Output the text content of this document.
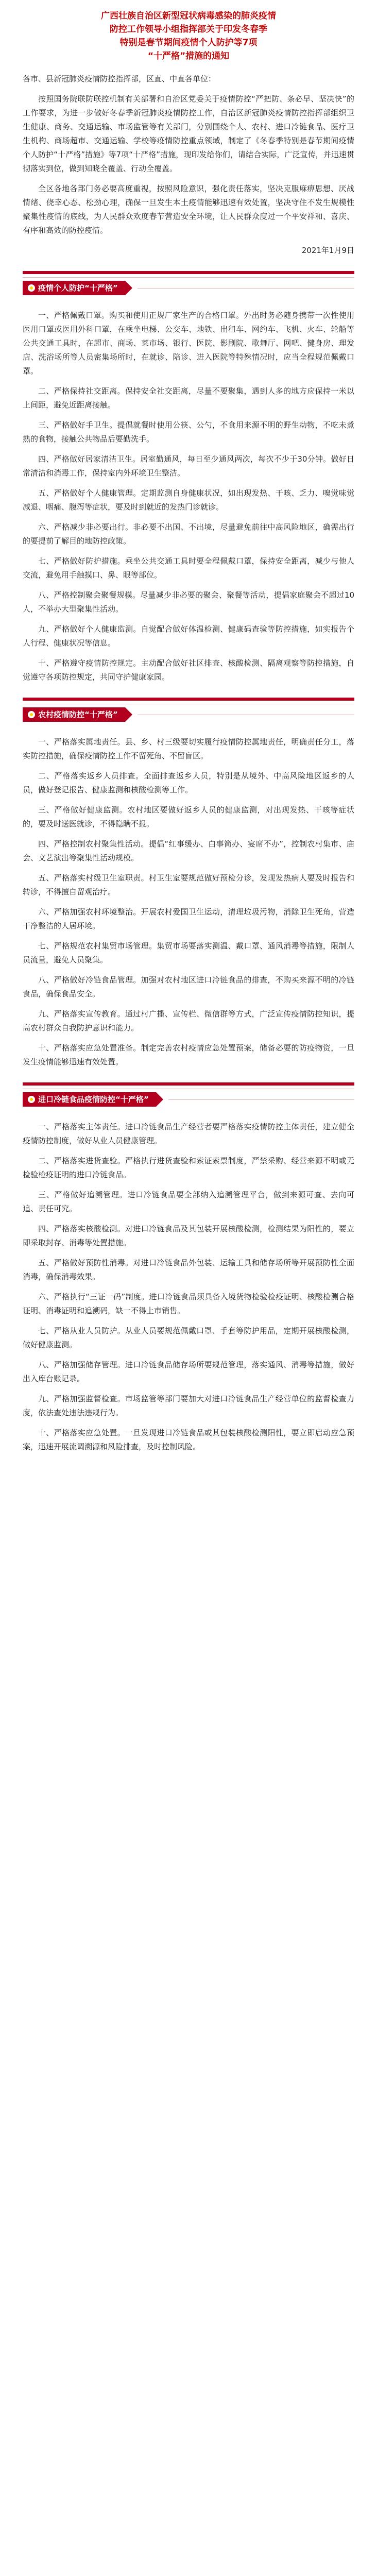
广西壮族自治区新型冠状病毒感染的肺炎疫情
防控工作领导小组指挥部关于印发冬春季
特别是春节期间疫情个人防护等7项
“十严格”措施的通知

各市、县新冠肺炎疫情防控指挥部，区直、中直各单位：

按照国务院联防联控机制有关部署和自治区党委关于疫情防控“严把防、条必早、坚决快”的工作要求，为进一步做好冬春季新冠肺炎疫情防控工作，自治区新冠肺炎疫情防控指挥部组织卫生健康、商务、交通运输、市场监管等有关部门，分别围绕个人、农村、进口冷链食品、医疗卫生机构、商场超市、交通运输、学校等疫情防控重点领域，制定了《冬春季特别是春节期间疫情个人防护“十严格”措施》等7项“十严格”措施，现印发给你们，请结合实际，广泛宣传，并迅速贯彻落实到位，做到知晓全覆盖、行动全覆盖。

全区各地各部门务必要高度重视，按照风险意识，强化责任落实，坚决克服麻痹思想、厌战情绪、侥幸心态、松劲心理，确保一旦发生本土疫情能够迅速有效处置，坚决守住不发生规模性聚集性疫情的底线，为人民群众欢度春节营造安全环境，让人民群众度过一个平安祥和、喜庆、有序和高效的防控疫情。

2021年1月9日

疫情个人防护“十严格”

一、严格佩戴口罩。购买和使用正规厂家生产的合格口罩。外出时务必随身携带一次性使用医用口罩或医用外科口罩，在乘坐电梯、公交车、地铁、出租车、网约车、飞机、火车、轮船等公共交通工具时，在超市、商场、菜市场、银行、医院、影剧院、歌舞厅、网吧、健身房、理发店、洗浴场所等人员密集场所时，在就诊、陪诊、进入医院等特殊情况时，应当全程规范佩戴口罩。

二、严格保持社交距离。保持安全社交距离，尽量不要聚集，遇到人多的地方应保持一米以上间距，避免近距离接触。

三、严格做好手卫生。提倡就餐时使用公筷、公勺，不食用来源不明的野生动物，不吃未煮熟的食物，接触公共物品后要勤洗手。

四、严格做好居家清洁卫生。居室勤通风，每日至少通风两次，每次不少于30分钟。做好日常清洁和消毒工作，保持室内外环境卫生整洁。

五、严格做好个人健康管理。定期监测自身健康状况，如出现发热、干咳、乏力、嗅觉味觉减退、咽痛、腹泻等症状，要及时到就近的发热门诊就诊。

六、严格减少非必要出行。非必要不出国、不出境，尽量避免前往中高风险地区，确需出行的要提前了解目的地防控政策。

七、严格做好防护措施。乘坐公共交通工具时要全程佩戴口罩，保持安全距离，减少与他人交流，避免用手触摸口、鼻、眼等部位。

八、严格控制聚会聚餐规模。尽量减少非必要的聚会、聚餐等活动，提倡家庭聚会不超过10人，不举办大型聚集性活动。

九、严格做好个人健康监测。自觉配合做好体温检测、健康码查验等防控措施，如实报告个人行程、健康状况等信息。

十、严格遵守疫情防控规定。主动配合做好社区排查、核酸检测、隔离观察等防控措施，自觉遵守各项防控规定，共同守护健康家园。

农村疫情防控“十严格”

一、严格落实属地责任。县、乡、村三级要切实履行疫情防控属地责任，明确责任分工，落实防控措施，确保疫情防控工作不留死角、不留盲区。

二、严格落实返乡人员排查。全面排查返乡人员，特别是从境外、中高风险地区返乡的人员，做好登记报告、健康监测和核酸检测等工作。

三、严格做好健康监测。农村地区要做好返乡人员的健康监测，对出现发热、干咳等症状的，要及时送医就诊，不得隐瞒不报。

四、严格控制农村聚集性活动。提倡“红事缓办、白事简办、宴席不办”，控制农村集市、庙会、文艺演出等聚集性活动规模。

五、严格落实村级卫生室职责。村卫生室要规范做好预检分诊，发现发热病人要及时报告和转诊，不得擅自留观治疗。

六、严格加强农村环境整治。开展农村爱国卫生运动，清理垃圾污物，消除卫生死角，营造干净整洁的人居环境。

七、严格规范农村集贸市场管理。集贸市场要落实测温、戴口罩、通风消毒等措施，限制人员流量，避免人员聚集。

八、严格做好冷链食品管理。加强对农村地区进口冷链食品的排查，不购买来源不明的冷链食品，确保食品安全。

九、严格落实宣传教育。通过村广播、宣传栏、微信群等方式，广泛宣传疫情防控知识，提高农村群众自我防护意识和能力。

十、严格落实应急处置准备。制定完善农村疫情应急处置预案，储备必要的防疫物资，一旦发生疫情能够迅速有效处置。

进口冷链食品疫情防控“十严格”

一、严格落实主体责任。进口冷链食品生产经营者要严格落实疫情防控主体责任，建立健全疫情防控制度，做好从业人员健康管理。

二、严格落实进货查验。严格执行进货查验和索证索票制度，严禁采购、经营来源不明或无检验检疫证明的进口冷链食品。

三、严格做好追溯管理。进口冷链食品要全部纳入追溯管理平台，做到来源可查、去向可追、责任可究。

四、严格落实核酸检测。对进口冷链食品及其包装开展核酸检测，检测结果为阳性的，要立即采取封存、消毒等处置措施。

五、严格做好预防性消毒。对进口冷链食品外包装、运输工具和储存场所等开展预防性全面消毒，确保消毒效果。

六、严格执行“三证一码”制度。进口冷链食品须具备入境货物检验检疫证明、核酸检测合格证明、消毒证明和追溯码，缺一不得上市销售。

七、严格从业人员防护。从业人员要规范佩戴口罩、手套等防护用品，定期开展核酸检测，做好健康监测。

八、严格加强储存管理。进口冷链食品储存场所要规范管理，落实通风、消毒等措施，做好出入库台账记录。

九、严格加强监督检查。市场监管等部门要加大对进口冷链食品生产经营单位的监督检查力度，依法查处违法违规行为。

十、严格落实应急处置。一旦发现进口冷链食品或其包装核酸检测阳性，要立即启动应急预案，迅速开展流调溯源和风险排查，及时控制风险。
